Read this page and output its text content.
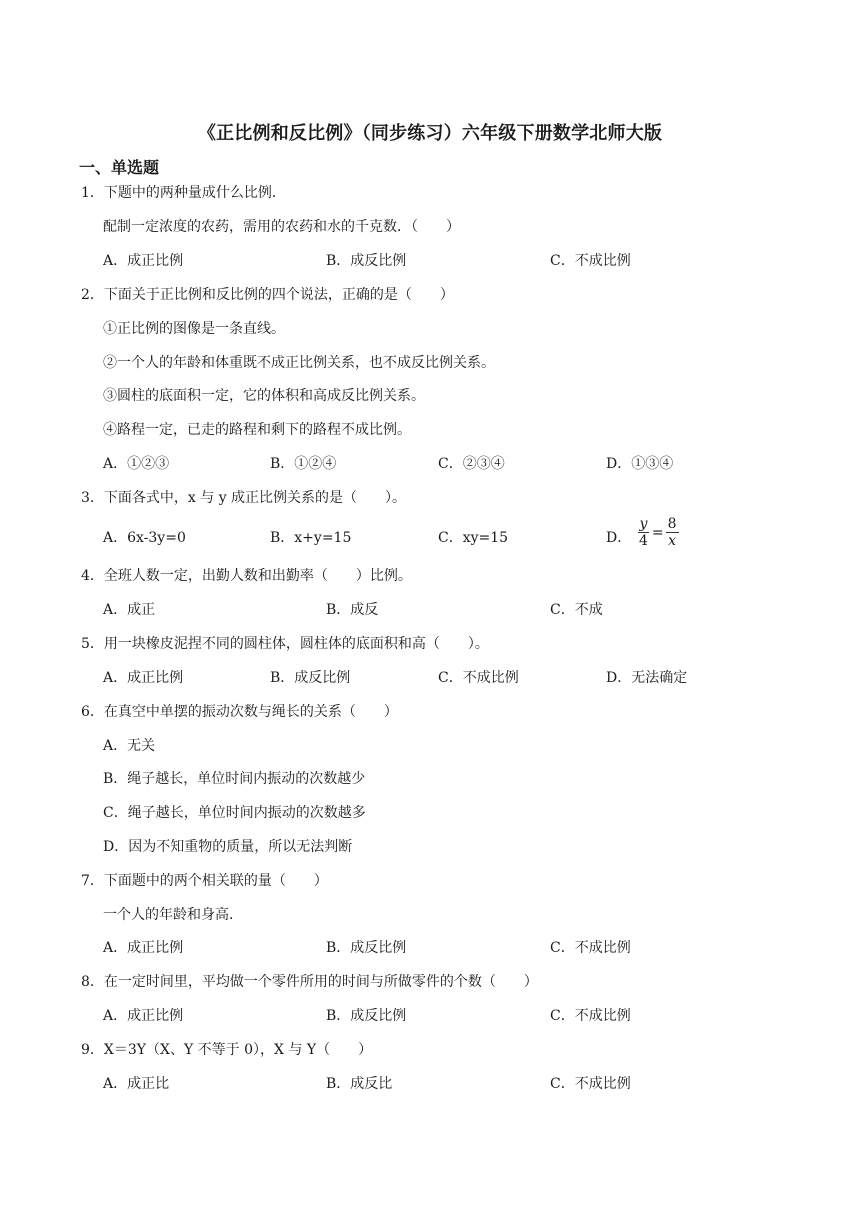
《正比例和反比例》（同步练习）六年级下册数学北师大版
一、单选题
1．下题中的两种量成什么比例．
配制一定浓度的农药，需用的农药和水的千克数．（　　）
A．成正比例	B．成反比例	C．不成比例
2．下面关于正比例和反比例的四个说法，正确的是（　　）
①正比例的图像是一条直线。
②一个人的年龄和体重既不成正比例关系，也不成反比例关系。
③圆柱的底面积一定，它的体积和高成反比例关系。
④路程一定，已走的路程和剩下的路程不成比例。
A．①②③	B．①②④	C．②③④	D．①③④
3．下面各式中，x 与 y 成正比例关系的是（　　）。
A．6x-3y=0	B．x+y=15	C．xy=15	D． $\frac{y}{4} = \frac{8}{x}$
4．全班人数一定，出勤人数和出勤率（　　）比例。
A．成正	B．成反	C．不成
5．用一块橡皮泥捏不同的圆柱体，圆柱体的底面积和高（　　）。
A．成正比例	B．成反比例	C．不成比例	D．无法确定
6．在真空中单摆的振动次数与绳长的关系（　　）
A．无关
B．绳子越长，单位时间内振动的次数越少
C．绳子越长，单位时间内振动的次数越多
D．因为不知重物的质量，所以无法判断
7．下面题中的两个相关联的量（　　）
一个人的年龄和身高．
A．成正比例	B．成反比例	C．不成比例
8．在一定时间里，平均做一个零件所用的时间与所做零件的个数（　　）
A．成正比例	B．成反比例	C．不成比例
9．X＝3Y（X、Y 不等于 0），X 与 Y（　　）
A．成正比	B．成反比	C．不成比例
